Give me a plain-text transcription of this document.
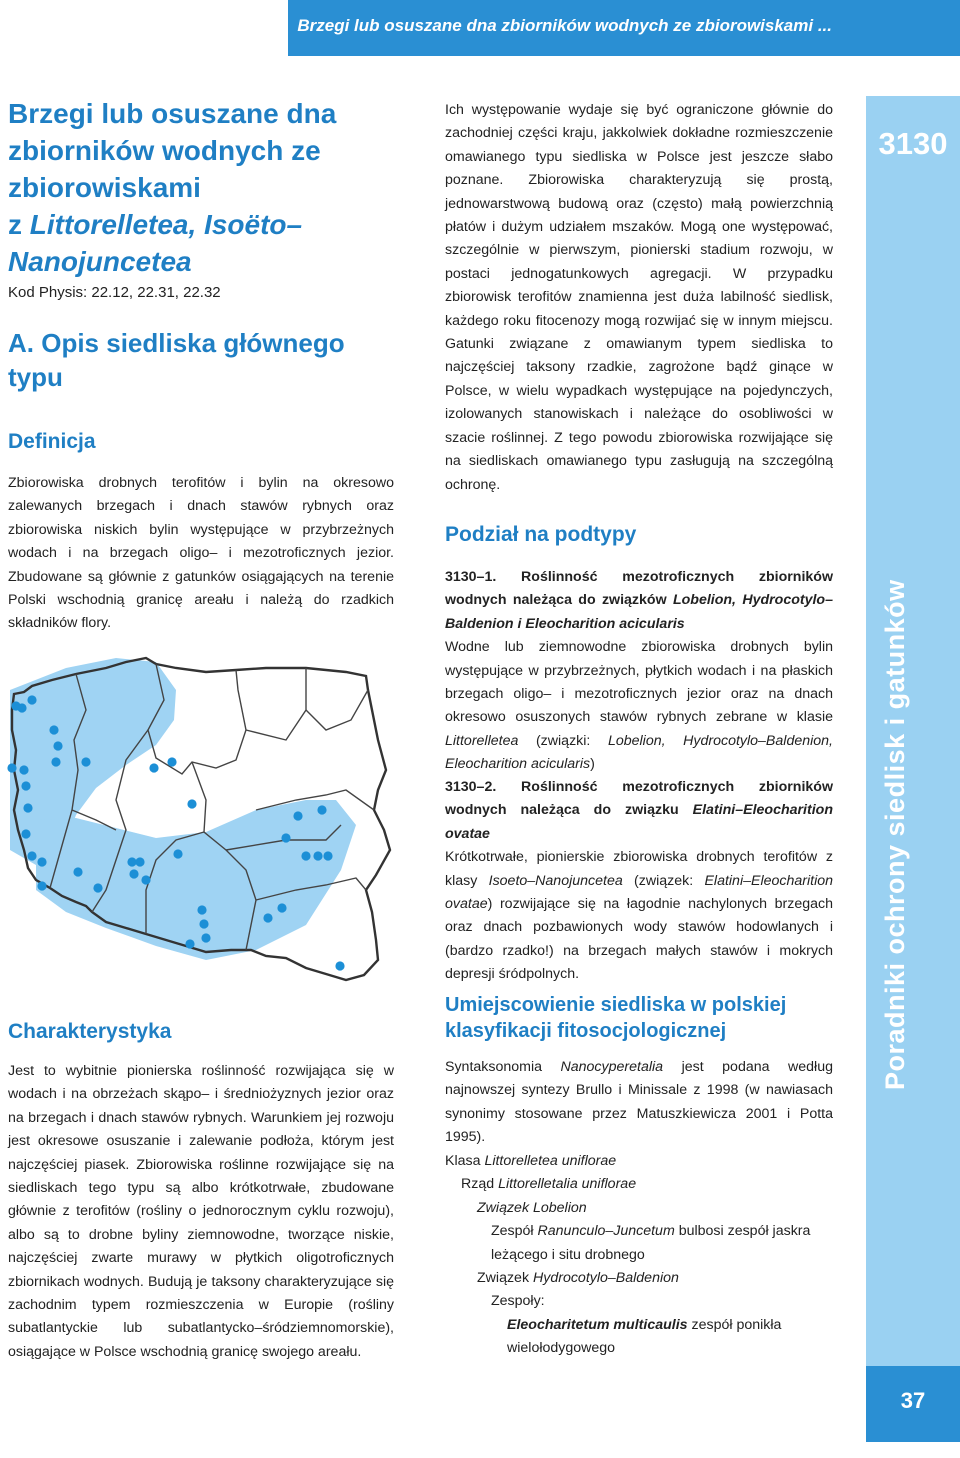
Brzegi lub osuszane dna zbiorników wodnych ze zbiorowiskami ...
3130
Poradniki ochrony siedlisk i gatunków
37
Brzegi lub osuszane dna
zbiorników wodnych ze
zbiorowiskami
z Littorelletea, Isoëto–
Nanojuncetea
Kod Physis: 22.12, 22.31, 22.32
A. Opis siedliska głównego
typu
Definicja
Zbiorowiska drobnych terofitów i bylin na okresowo zalewanych brzegach i dnach stawów rybnych oraz zbiorowiska niskich bylin występujące w przybrzeżnych wodach i na brzegach oligo– i mezotroficznych jezior. Zbudowane są głównie z gatunków osiągających na terenie Polski wschodnią granicę areału i należą do rzadkich składników flory.
Charakterystyka
Jest to wybitnie pionierska roślinność rozwijająca się w wodach i na obrzeżach skąpo– i średniożyznych jezior oraz na brzegach i dnach stawów rybnych. Warunkiem jej rozwoju jest okresowe osuszanie i zalewanie podłoża, którym jest najczęściej piasek. Zbiorowiska roślinne rozwijające się na siedliskach tego typu są albo krótkotrwałe, zbudowane głównie z terofitów (rośliny o jednorocznym cyklu rozwoju), albo są to drobne byliny ziemnowodne, tworzące niskie, najczęściej zwarte murawy w płytkich oligotroficznych zbiornikach wodnych. Budują je taksony charakteryzujące się zachodnim typem rozmieszczenia w Europie (rośliny subatlantyckie lub subatlantycko–śródziemnomorskie), osiągające w Polsce wschodnią granicę swojego areału.
Ich występowanie wydaje się być ograniczone głównie do zachodniej części kraju, jakkolwiek dokładne rozmieszczenie omawianego typu siedliska w Polsce jest jeszcze słabo poznane. Zbiorowiska charakteryzują się prostą, jednowarstwową budową oraz (często) małą powierzchnią płatów i dużym udziałem mszaków. Mogą one występować, szczególnie w pierwszym, pionierski stadium rozwoju, w postaci jednogatunkowych agregacji. W przypadku zbiorowisk terofitów znamienna jest duża labilność siedlisk, każdego roku fitocenozy mogą rozwijać się w innym miejscu. Gatunki związane z omawianym typem siedliska to najczęściej taksony rzadkie, zagrożone bądź ginące w Polsce, w wielu wypadkach występujące na pojedynczych, izolowanych stanowiskach i należące do osobliwości w szacie roślinnej. Z tego powodu zbiorowiska rozwijające się na siedliskach omawianego typu zasługują na szczególną ochronę.
Podział na podtypy
3130–1. Roślinność mezotroficznych zbiorników wodnych należąca do związków Lobelion, Hydrocotylo–Baldenion i Eleocharition acicularis
Wodne lub ziemnowodne zbiorowiska drobnych bylin występujące w przybrzeżnych, płytkich wodach i na płaskich brzegach oligo– i mezotroficznych jezior oraz na dnach okresowo osuszonych stawów rybnych zebrane w klasie Littorelletea (związki: Lobelion, Hydrocotylo–Baldenion, Eleocharition acicularis)
3130–2. Roślinność mezotroficznych zbiorników wodnych należąca do związku Elatini–Eleocharition ovatae
Krótkotrwałe, pionierskie zbiorowiska drobnych terofitów z klasy Isoeto–Nanojuncetea (związek: Elatini–Eleocharition ovatae) rozwijające się na łagodnie nachylonych brzegach oraz dnach pozbawionych wody stawów hodowlanych i (bardzo rzadko!) na brzegach małych stawów i mokrych depresji śródpolnych.
Umiejscowienie siedliska w polskiej
klasyfikacji fitosocjologicznej
Syntaksonomia Nanocyperetalia jest podana według najnowszej syntezy Brullo i Minissale z 1998 (w nawiasach synonimy stosowane przez Matuszkiewicza 2001 i Potta 1995).
Klasa Littorelletea uniflorae
Rząd Littorelletalia uniflorae
Związek Lobelion
Zespół Ranunculo–Juncetum bulbosi zespół jaskra
leżącego i situ drobnego
Związek Hydrocotylo–Baldenion
Zespoły:
Eleocharitetum multicaulis zespół ponikła
wielołodygowego
